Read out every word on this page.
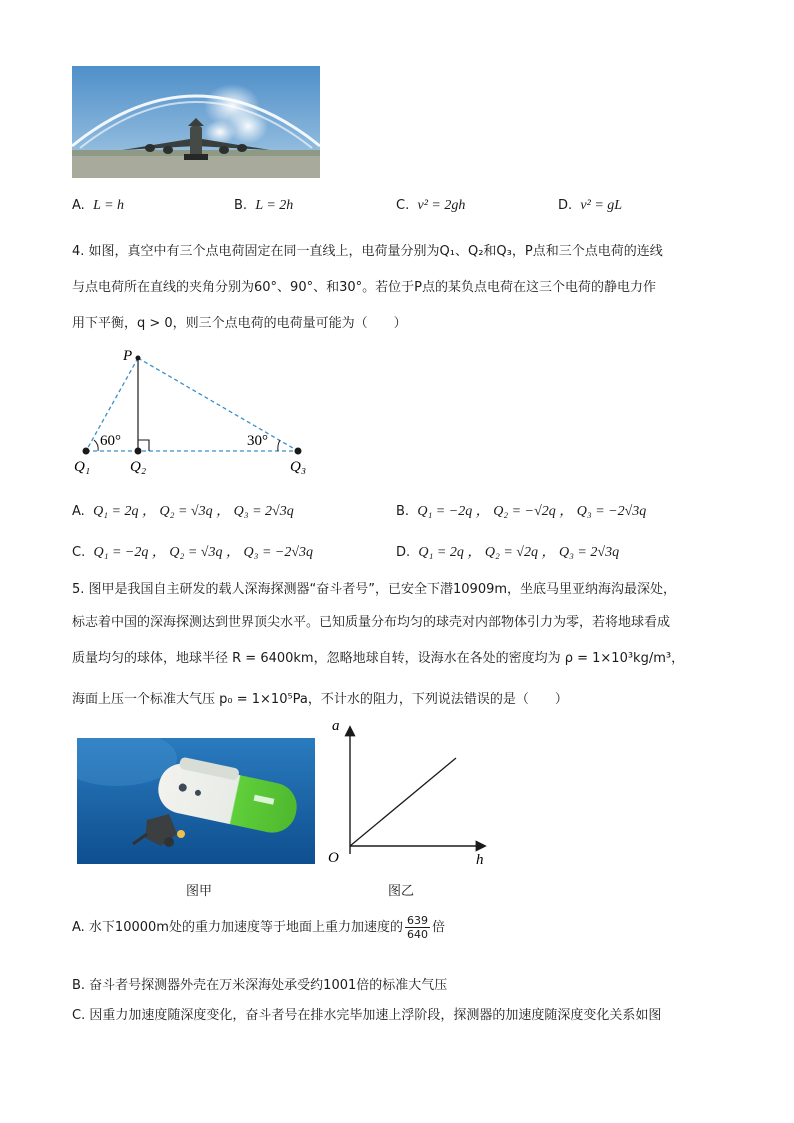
A. L = h	B. L = 2h	C. v² = 2gh	D. v² = gL
4. 如图，真空中有三个点电荷固定在同一直线上，电荷量分别为Q₁、Q₂和Q₃，P点和三个点电荷的连线
与点电荷所在直线的夹角分别为60°、90°、和30°。若位于P点的某负点电荷在这三个电荷的静电力作
用下平衡，q > 0，则三个点电荷的电荷量可能为（　　）
P
60°	30°
Q₁	Q₂	Q₃
A. Q₁ = 2q ， Q₂ = √3q ， Q₃ = 2√3q	B. Q₁ = −2q ， Q₂ = −√2q ， Q₃ = −2√3q
C. Q₁ = −2q ， Q₂ = √3q ， Q₃ = −2√3q	D. Q₁ = 2q ， Q₂ = √2q ， Q₃ = 2√3q
5. 图甲是我国自主研发的载人深海探测器“奋斗者号”，已安全下潜10909m，坐底马里亚纳海沟最深处，
标志着中国的深海探测达到世界顶尖水平。已知质量分布均匀的球壳对内部物体引力为零，若将地球看成
质量均匀的球体，地球半径 R = 6400km，忽略地球自转，设海水在各处的密度均为 ρ = 1×10³kg/m³，
海面上压一个标准大气压 p₀ = 1×10⁵Pa，不计水的阻力，下列说法错误的是（　　）
a
O	h
图甲	图乙
A. 水下10000m处的重力加速度等于地面上重力加速度的 $\frac{639}{640}$ 倍
B. 奋斗者号探测器外壳在万米深海处承受约1001倍的标准大气压
C. 因重力加速度随深度变化，奋斗者号在排水完毕加速上浮阶段，探测器的加速度随深度变化关系如图
